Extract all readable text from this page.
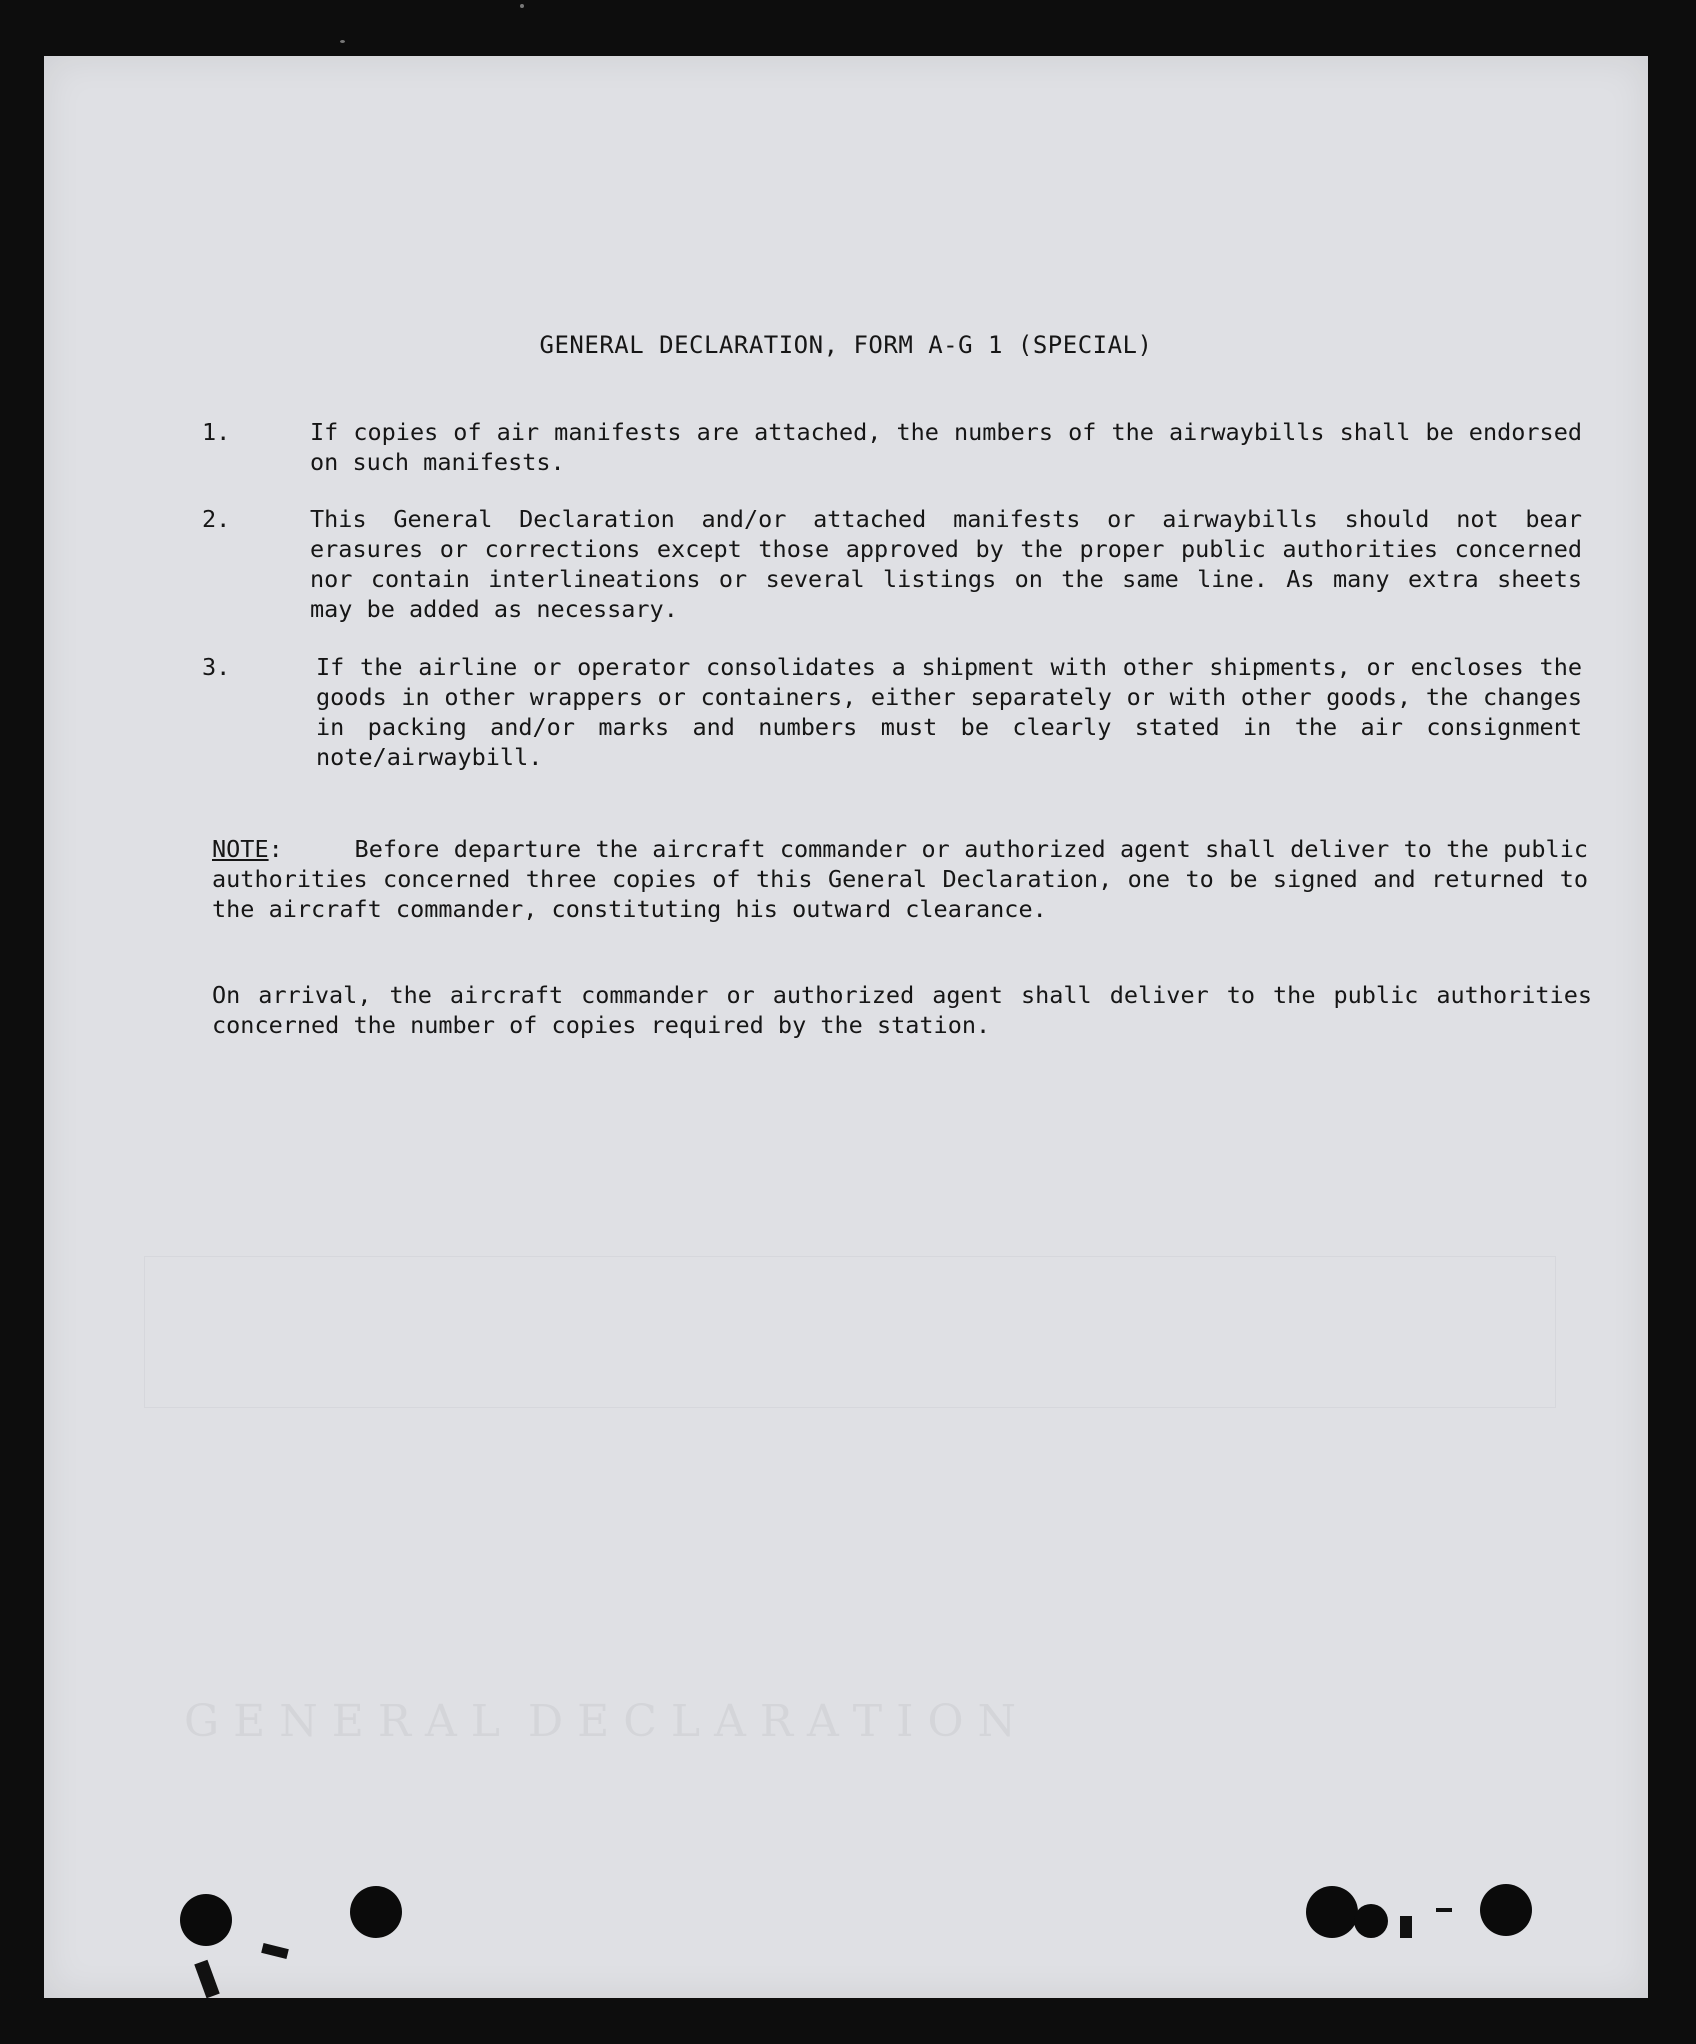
G E N E R A L  D E C L A R A T I O N
GENERAL DECLARATION, FORM A-G 1 (SPECIAL)
1.	If copies of air manifests are attached, the numbers of the airwaybills shall be endorsed on such manifests.
2.	This General Declaration and/or attached manifests or airwaybills should not bear erasures or corrections except those approved by the proper public authorities concerned nor contain interlineations or several listings on the same line. As many extra sheets may be added as necessary.
3.	If the airline or operator consolidates a shipment with other shipments, or encloses the goods in other wrappers or containers, either separately or with other goods, the changes in packing and/or marks and numbers must be clearly stated in the air consignment note/airwaybill.
NOTE:     Before departure the aircraft commander or authorized agent shall deliver to the public authorities concerned three copies of this General Declaration, one to be signed and returned to the aircraft commander, constituting his outward clearance.
On arrival, the aircraft commander or authorized agent shall deliver to the public authorities concerned the number of copies required by the station.
